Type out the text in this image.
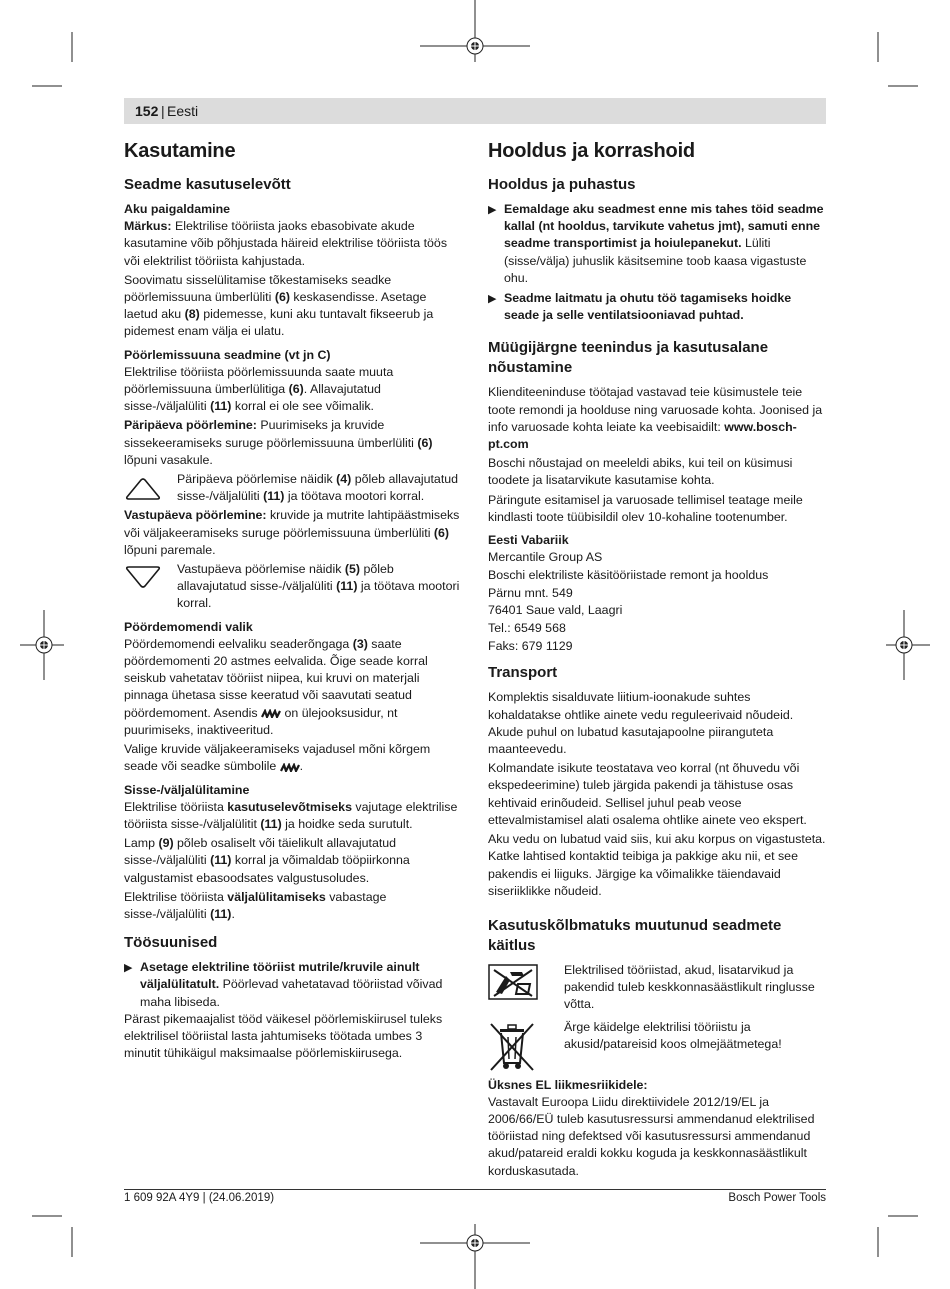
152 | Eesti
Kasutamine
Seadme kasutuselevõtt

Aku paigaldamine

Märkus: Elektrilise tööriista jaoks ebasobivate akude kasutamine võib põhjustada häireid elektrilise tööriista töös või elektrilist tööriista kahjustada.

Soovimatu sisselülitamise tõkestamiseks seadke pöörlemissuuna ümberlüliti (6) keskasendisse. Asetage laetud aku (8) pidemesse, kuni aku tuntavalt fikseerub ja pidemest enam välja ei ulatu.

Pöörlemissuuna seadmine (vt jn C)

Elektrilise tööriista pöörlemissuunda saate muuta pöörlemissuuna ümberlülitiga (6). Allavajutatud sisse-/väljalüliti (11) korral ei ole see võimalik.

Päripäeva pöörlemine: Puurimiseks ja kruvide sissekeeramiseks suruge pöörlemissuuna ümberlüliti (6) lõpuni vasakule.

Päripäeva pöörlemise näidik (4) põleb allavajutatud sisse-/väljalüliti (11) ja töötava mootori korral.

Vastupäeva pöörlemine: kruvide ja mutrite lahtipäästmiseks või väljakeeramiseks suruge pöörlemissuuna ümberlüliti (6) lõpuni paremale.

Vastupäeva pöörlemise näidik (5) põleb allavajutatud sisse-/väljalüliti (11) ja töötava mootori korral.

Pöördemomendi valik

Pöördemomendi eelvaliku seaderõngaga (3) saate pöördemomenti 20 astmes eelvalida. Õige seade korral seiskub vahetatav tööriist niipea, kui kruvi on materjali pinnaga ühetasa sisse keeratud või saavutati seatud pöördemoment. Asendis  on ülejooksusidur, nt puurimiseks, inaktiveeritud.

Valige kruvide väljakeeramiseks vajadusel mõni kõrgem seade või seadke sümbolile .

Sisse-/väljalülitamine

Elektrilise tööriista kasutuselevõtmiseks vajutage elektrilise tööriista sisse-/väljalülitit (11) ja hoidke seda surutult.

Lamp (9) põleb osaliselt või täielikult allavajutatud sisse-/väljalüliti (11) korral ja võimaldab tööpiirkonna valgustamist ebasoodsates valgustusoludes.

Elektrilise tööriista väljalülitamiseks vabastage sisse-/väljalüliti (11).

Töösuunised
▶ Asetage elektriline tööriist mutrile/kruvile ainult väljalülitatult. Pöörlevad vahetatavad tööriistad võivad maha libiseda.

Pärast pikemaajalist tööd väikesel pöörlemiskiirusel tuleks elektrilisel tööriistal lasta jahtumiseks töötada umbes 3 minutit tühikäigul maksimaalse pöörlemiskiirusega.

Hooldus ja korrashoid
Hooldus ja puhastus
▶ Eemaldage aku seadmest enne mis tahes töid seadme kallal (nt hooldus, tarvikute vahetus jmt), samuti enne seadme transportimist ja hoiulepanekut. Lüliti (sisse/välja) juhuslik käsitsemine toob kaasa vigastuste ohu.
▶ Seadme laitmatu ja ohutu töö tagamiseks hoidke seade ja selle ventilatsiooniavad puhtad.
Müügijärgne teenindus ja kasutusalane nõustamine

Klienditeeninduse töötajad vastavad teie küsimustele teie toote remondi ja hoolduse ning varuosade kohta. Joonised ja info varuosade kohta leiate ka veebisaidilt: www.bosch-pt.com

Boschi nõustajad on meeleldi abiks, kui teil on küsimusi toodete ja lisatarvikute kasutamise kohta.

Päringute esitamisel ja varuosade tellimisel teatage meile kindlasti toote tüübisildil olev 10-kohaline tootenumber.

Eesti Vabariik

Mercantile Group AS

Boschi elektriliste käsitööriistade remont ja hooldus

Pärnu mnt. 549

76401 Saue vald, Laagri

Tel.: 6549 568

Faks: 679 1129

Transport

Komplektis sisalduvate liitium-ioonakude suhtes kohaldatakse ohtlike ainete vedu reguleerivaid nõudeid. Akude puhul on lubatud kasutajapoolne piiranguteta maanteevedu.

Kolmandate isikute teostatava veo korral (nt õhuvedu või ekspedeerimine) tuleb järgida pakendi ja tähistuse osas kehtivaid erinõudeid. Sellisel juhul peab veose ettevalmistamisel alati osalema ohtlike ainete veo ekspert.

Aku vedu on lubatud vaid siis, kui aku korpus on vigastusteta. Katke lahtised kontaktid teibiga ja pakkige aku nii, et see pakendis ei liiguks. Järgige ka võimalikke täiendavaid siseriiklikke nõudeid.

Kasutuskõlbmatuks muutunud seadmete käitlus

Elektrilised tööriistad, akud, lisatarvikud ja pakendid tuleb keskkonnasäästlikult ringlusse võtta.

Ärge käidelge elektrilisi tööriistu ja akusid/patareisid koos olmejäätmetega!

Üksnes EL liikmesriikidele:

Vastavalt Euroopa Liidu direktiividele 2012/19/EL ja 2006/66/EÜ tuleb kasutusressursi ammendanud elektrilised tööriistad ning defektsed või kasutusressursi ammendanud akud/patareid eraldi kokku koguda ja keskkonnasäästlikult korduskasutada.

1 609 92A 4Y9 | (24.06.2019)	Bosch Power Tools
